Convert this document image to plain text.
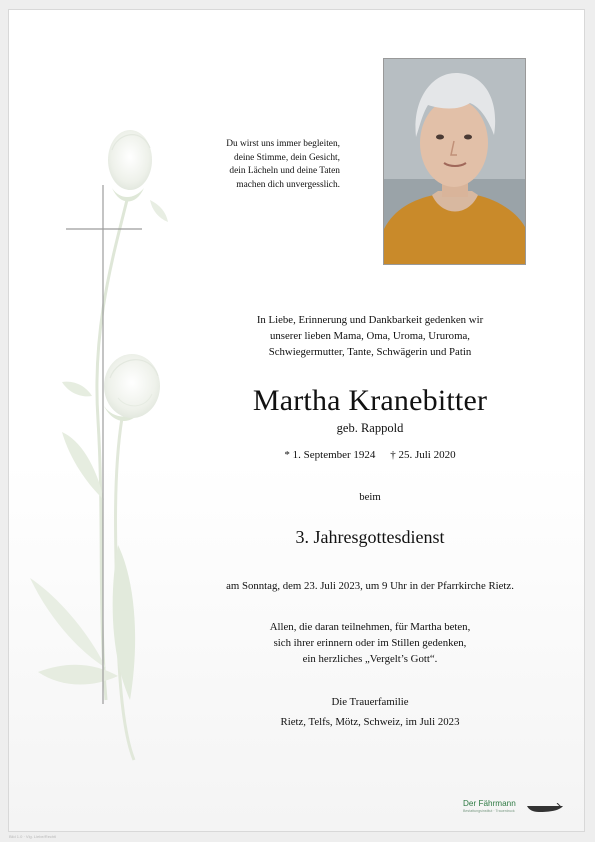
Du wirst uns immer begleiten,
deine Stimme, dein Gesicht,
dein Lächeln und deine Taten
machen dich unvergesslich.
In Liebe, Erinnerung und Dankbarkeit gedenken wir
unserer lieben Mama, Oma, Uroma, Ururoma,
Schwiegermutter, Tante, Schwägerin und Patin
Martha Kranebitter
geb. Rappold
* 1. September 1924 † 25. Juli 2020
beim
3. Jahresgottesdienst
am Sonntag, dem 23. Juli 2023, um 9 Uhr in der Pfarrkirche Rietz.
Allen, die daran teilnehmen, für Martha beten,
sich ihrer erinnern oder im Stillen gedenken,
ein herzliches „Vergelt’s Gott“.
Die Trauerfamilie
Rietz, Telfs, Mötz, Schweiz, im Juli 2023
Der Fährmann
Bestattungsinstitut · Trauerdruck
Bild 1.0 · Vlg. Liebe/Rechtl
